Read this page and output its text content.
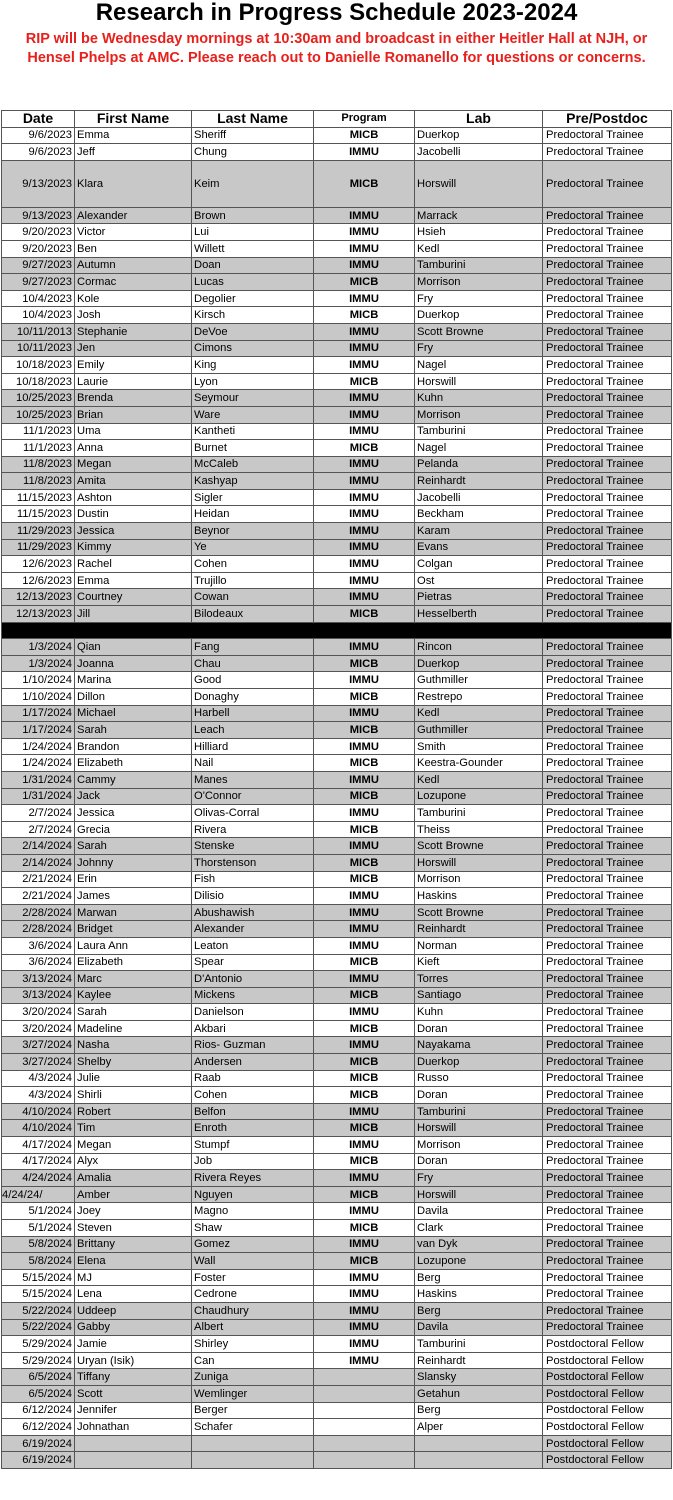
Research in Progress Schedule 2023-2024
RIP will be Wednesday mornings at 10:30am and broadcast in either Heitler Hall at NJH, or Hensel Phelps at AMC. Please reach out to Danielle Romanello for questions or concerns.
Date	First Name	Last Name	Program	Lab	Pre/Postdoc
9/6/2023	Emma	Sheriff	MICB	Duerkop	Predoctoral Trainee
9/6/2023	Jeff	Chung	IMMU	Jacobelli	Predoctoral Trainee
9/13/2023	Klara	Keim	MICB	Horswill	Predoctoral Trainee
9/13/2023	Alexander	Brown	IMMU	Marrack	Predoctoral Trainee
9/20/2023	Victor	Lui	IMMU	Hsieh	Predoctoral Trainee
9/20/2023	Ben	Willett	IMMU	Kedl	Predoctoral Trainee
9/27/2023	Autumn	Doan	IMMU	Tamburini	Predoctoral Trainee
9/27/2023	Cormac	Lucas	MICB	Morrison	Predoctoral Trainee
10/4/2023	Kole	Degolier	IMMU	Fry	Predoctoral Trainee
10/4/2023	Josh	Kirsch	MICB	Duerkop	Predoctoral Trainee
10/11/2013	Stephanie	DeVoe	IMMU	Scott Browne	Predoctoral Trainee
10/11/2023	Jen	Cimons	IMMU	Fry	Predoctoral Trainee
10/18/2023	Emily	King	IMMU	Nagel	Predoctoral Trainee
10/18/2023	Laurie	Lyon	MICB	Horswill	Predoctoral Trainee
10/25/2023	Brenda	Seymour	IMMU	Kuhn	Predoctoral Trainee
10/25/2023	Brian	Ware	IMMU	Morrison	Predoctoral Trainee
11/1/2023	Uma	Kantheti	IMMU	Tamburini	Predoctoral Trainee
11/1/2023	Anna	Burnet	MICB	Nagel	Predoctoral Trainee
11/8/2023	Megan	McCaleb	IMMU	Pelanda	Predoctoral Trainee
11/8/2023	Amita	Kashyap	IMMU	Reinhardt	Predoctoral Trainee
11/15/2023	Ashton	Sigler	IMMU	Jacobelli	Predoctoral Trainee
11/15/2023	Dustin	Heidan	IMMU	Beckham	Predoctoral Trainee
11/29/2023	Jessica	Beynor	IMMU	Karam	Predoctoral Trainee
11/29/2023	Kimmy	Ye	IMMU	Evans	Predoctoral Trainee
12/6/2023	Rachel	Cohen	IMMU	Colgan	Predoctoral Trainee
12/6/2023	Emma	Trujillo	IMMU	Ost	Predoctoral Trainee
12/13/2023	Courtney	Cowan	IMMU	Pietras	Predoctoral Trainee
12/13/2023	Jill	Bilodeaux	MICB	Hesselberth	Predoctoral Trainee

1/3/2024	Qian	Fang	IMMU	Rincon	Predoctoral Trainee
1/3/2024	Joanna	Chau	MICB	Duerkop	Predoctoral Trainee
1/10/2024	Marina	Good	IMMU	Guthmiller	Predoctoral Trainee
1/10/2024	Dillon	Donaghy	MICB	Restrepo	Predoctoral Trainee
1/17/2024	Michael	Harbell	IMMU	Kedl	Predoctoral Trainee
1/17/2024	Sarah	Leach	MICB	Guthmiller	Predoctoral Trainee
1/24/2024	Brandon	Hilliard	IMMU	Smith	Predoctoral Trainee
1/24/2024	Elizabeth	Nail	MICB	Keestra-Gounder	Predoctoral Trainee
1/31/2024	Cammy	Manes	IMMU	Kedl	Predoctoral Trainee
1/31/2024	Jack	O'Connor	MICB	Lozupone	Predoctoral Trainee
2/7/2024	Jessica	Olivas-Corral	IMMU	Tamburini	Predoctoral Trainee
2/7/2024	Grecia	Rivera	MICB	Theiss	Predoctoral Trainee
2/14/2024	Sarah	Stenske	IMMU	Scott Browne	Predoctoral Trainee
2/14/2024	Johnny	Thorstenson	MICB	Horswill	Predoctoral Trainee
2/21/2024	Erin	Fish	MICB	Morrison	Predoctoral Trainee
2/21/2024	James	Dilisio	IMMU	Haskins	Predoctoral Trainee
2/28/2024	Marwan	Abushawish	IMMU	Scott Browne	Predoctoral Trainee
2/28/2024	Bridget	Alexander	IMMU	Reinhardt	Predoctoral Trainee
3/6/2024	Laura Ann	Leaton	IMMU	Norman	Predoctoral Trainee
3/6/2024	Elizabeth	Spear	MICB	Kieft	Predoctoral Trainee
3/13/2024	Marc	D'Antonio	IMMU	Torres	Predoctoral Trainee
3/13/2024	Kaylee	Mickens	MICB	Santiago	Predoctoral Trainee
3/20/2024	Sarah	Danielson	IMMU	Kuhn	Predoctoral Trainee
3/20/2024	Madeline	Akbari	MICB	Doran	Predoctoral Trainee
3/27/2024	Nasha	Rios- Guzman	IMMU	Nayakama	Predoctoral Trainee
3/27/2024	Shelby	Andersen	MICB	Duerkop	Predoctoral Trainee
4/3/2024	Julie	Raab	MICB	Russo	Predoctoral Trainee
4/3/2024	Shirli	Cohen	MICB	Doran	Predoctoral Trainee
4/10/2024	Robert	Belfon	IMMU	Tamburini	Predoctoral Trainee
4/10/2024	Tim	Enroth	MICB	Horswill	Predoctoral Trainee
4/17/2024	Megan	Stumpf	IMMU	Morrison	Predoctoral Trainee
4/17/2024	Alyx	Job	MICB	Doran	Predoctoral Trainee
4/24/2024	Amalia	Rivera Reyes	IMMU	Fry	Predoctoral Trainee
4/24/24/	Amber	Nguyen	MICB	Horswill	Predoctoral Trainee
5/1/2024	Joey	Magno	IMMU	Davila	Predoctoral Trainee
5/1/2024	Steven	Shaw	MICB	Clark	Predoctoral Trainee
5/8/2024	Brittany	Gomez	IMMU	van Dyk	Predoctoral Trainee
5/8/2024	Elena	Wall	MICB	Lozupone	Predoctoral Trainee
5/15/2024	MJ	Foster	IMMU	Berg	Predoctoral Trainee
5/15/2024	Lena	Cedrone	IMMU	Haskins	Predoctoral Trainee
5/22/2024	Uddeep	Chaudhury	IMMU	Berg	Predoctoral Trainee
5/22/2024	Gabby	Albert	IMMU	Davila	Predoctoral Trainee
5/29/2024	Jamie	Shirley	IMMU	Tamburini	Postdoctoral Fellow
5/29/2024	Uryan (Isik)	Can	IMMU	Reinhardt	Postdoctoral Fellow
6/5/2024	Tiffany	Zuniga		Slansky	Postdoctoral Fellow
6/5/2024	Scott	Wemlinger		Getahun	Postdoctoral Fellow
6/12/2024	Jennifer	Berger		Berg	Postdoctoral Fellow
6/12/2024	Johnathan	Schafer		Alper	Postdoctoral Fellow
6/19/2024					Postdoctoral Fellow
6/19/2024					Postdoctoral Fellow
